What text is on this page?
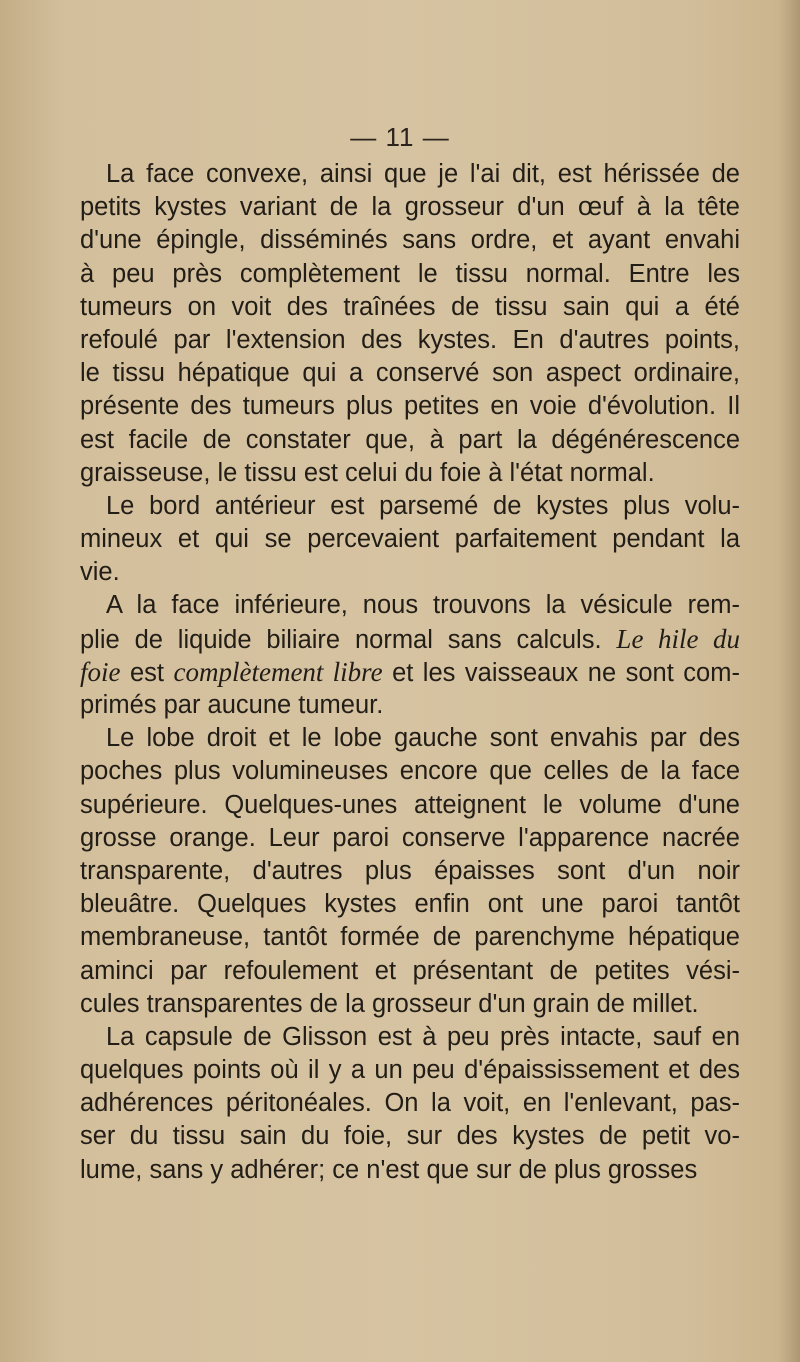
— 11 —
La face convexe, ainsi que je l'ai dit, est hérissée de
petits kystes variant de la grosseur d'un œuf à la tête
d'une épingle, disséminés sans ordre, et ayant envahi
à peu près complètement le tissu normal. Entre les
tumeurs on voit des traînées de tissu sain qui a été
refoulé par l'extension des kystes. En d'autres points,
le tissu hépatique qui a conservé son aspect ordinaire,
présente des tumeurs plus petites en voie d'évolution. Il
est facile de constater que, à part la dégénérescence
graisseuse, le tissu est celui du foie à l'état normal.
Le bord antérieur est parsemé de kystes plus volu-
mineux et qui se percevaient parfaitement pendant la
vie.
A la face inférieure, nous trouvons la vésicule rem-
plie de liquide biliaire normal sans calculs. Le hile du
foie est complètement libre et les vaisseaux ne sont com-
primés par aucune tumeur.
Le lobe droit et le lobe gauche sont envahis par des
poches plus volumineuses encore que celles de la face
supérieure. Quelques-unes atteignent le volume d'une
grosse orange. Leur paroi conserve l'apparence nacrée
transparente, d'autres plus épaisses sont d'un noir
bleuâtre. Quelques kystes enfin ont une paroi tantôt
membraneuse, tantôt formée de parenchyme hépatique
aminci par refoulement et présentant de petites vési-
cules transparentes de la grosseur d'un grain de millet.
La capsule de Glisson est à peu près intacte, sauf en
quelques points où il y a un peu d'épaississement et des
adhérences péritonéales. On la voit, en l'enlevant, pas-
ser du tissu sain du foie, sur des kystes de petit vo-
lume, sans y adhérer; ce n'est que sur de plus grosses
